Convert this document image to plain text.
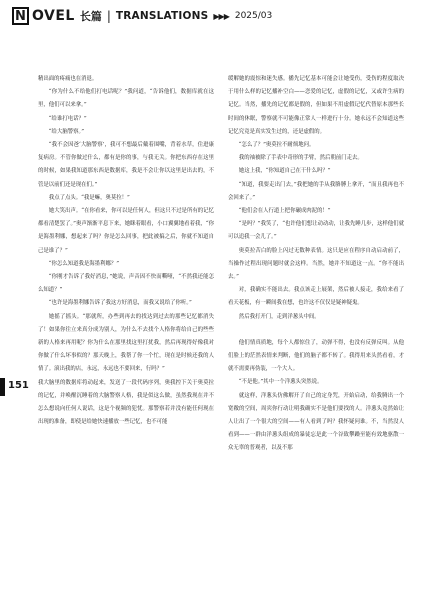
N OVEL 长篇 | TRANSLATIONS ▶▶▶ 2025/03
151

精出面的疼痛也在消退。

“你为什么不给他们打电话呢？”我问道，“告诉他们，数据库就在这里，他们可以来拿。”

“给谁打电话？”

“给大脑警察。”

“我不会因爸‘大脑警察’，我可不想最后戴着围嘴，背着水草，住进康复病房。不管你做过什么，都有是你的事，与我无关。你把东西存在这里的时候，如果我知道那东西是数据库，我是不会让你以这里是出去的，不管是以前们还是现在们。”

我点了点头。“我是嘛，奥莫拉！”

她大笑出声。“在你看来，你可以是任何人，但这只不过是所有的记忆都看清楚罢了。”奥声渐渐平息下来，她眯着眼看，小口翼翼地看着我，“你是海墨利娜，想起来了吗？你是怎么回事，把此被搞之后，你就不知道自己是谁了？”

“你怎么知道我是海墨利娜？”

“你刚才告诉了我好消息，”她说，声音因不快而嘶哑，“不然我还能怎么知道？”

“也许是海墨利娜告诉了我这方好消息，而我又说给了你听。”

她摇了摇头。“那就所，办些到再去的找达到过去的那些记忆都消失了！如果你往立来真分成为别人，为什么不去找个人格你将给自己的些些新的人格来再用呢？你为什么在那里找这里打扰我，然后再现得好像我对你做了什么坏事似的？那天晚上，我帮了你一个忙，现在是时候还我的人情了。滚出我的店，永远，永远也不要回来，行吗？”

我大脑里的数据库将动起来，发送了一段代码序列，奥我控下关于奥莫拉的记忆，并唤醒沉睡着的大脑警察人格，我是似这么做，虽然我现在并不怎么想说向任何人说话，这是个视频的犯忧。那警察若并没有能任何现在出现的准备，即使是给她快速播放一些记忆，也不可能

缓解她的震惊和迷失感。播先记忆基本可能会让她受伤，受伤的程度取决于用什么样的记忆播补空白——恋爱的记忆，虚假的记忆，又或许生病的记忆。当然，播先的记忆都是假的，但如果不用虚假记忆代替原本那些长时间的休眠，警察就不可能像正常人一样进行十分。她永远不会知道这些记忆究竟是真实发生过的，还是虚假的。

“怎么了？”奥莫拉不耐烦地问。

我的袖被除了手表中奇形的手臂，然后朝前门走去。

她这上我，“你知道自己在干什么吗？”

“知道，我要走出门去，”我把她的手从我胳膊上拿开，“而且我再也不会回来了。”

“他们会在人行道上把你碾成肉泥的！”

“是吗？”我笑了，“也许他们想让动动动，让我先睡几步，这样他们就可以追我一会儿了。”

奥莫拉苦白的脸上闪过无数种表情。这只是应在程序自动启动前了，当操作过程出现问题时就会这样。当然，她并不知道这一点。“你不能出去。”

对，我确实不能出去。我点该走上展架，然后被人接走，我给来看了看天花板，有一瞬间我在想，也许这不仅仅是疑神疑鬼。

然后我打开门，走到洋葱头中间。

他们情真质地，每个人都惊住了，动弹不得，也没有反弹反叫。从他们脸上的茫然表情来判断，他们的脑子都不转了。我得用来头然看看，才就不需要再伪装，一个大人。

“不是他。”其中一个洋葱头突然说。

就这样，洋葱头仿佛解开了自己的定身咒，开始启动，给我腾出一个宽敞的空间，周宾你行动让明我确实不是他们要找的人。洋葱头竟然始让人让出了一个很大的空间——有人看到了吗？我怀疑问谁。不，当然没人看到——一群由洋葱头组成的暴徒忘是此一个谷致攀躁至能有效地驱散一众无辜的普观者，以及不那
